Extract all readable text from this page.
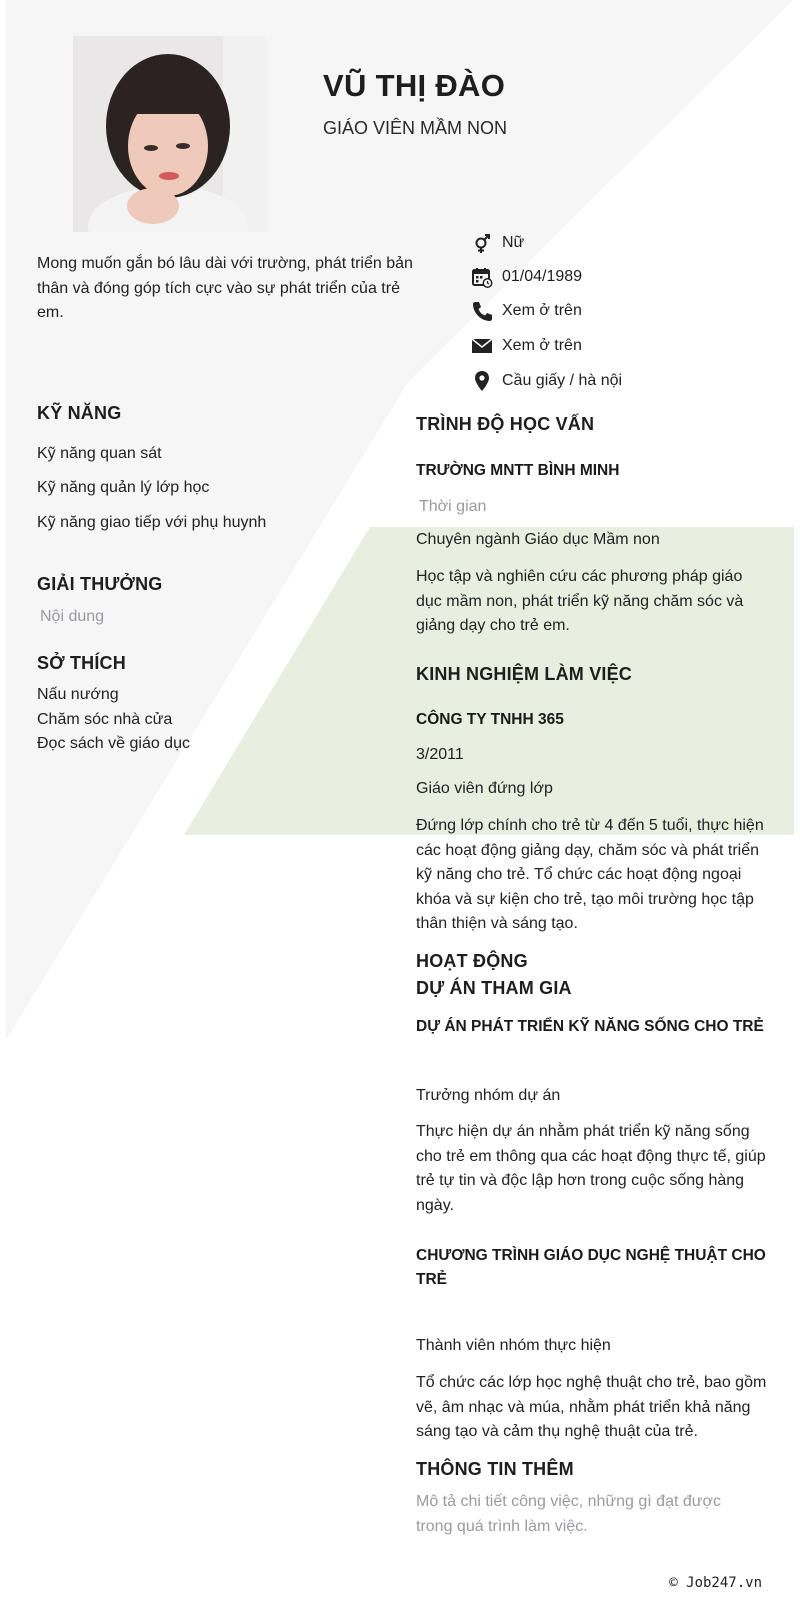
VŨ THỊ ĐÀO
GIÁO VIÊN MẦM NON
Mong muốn gắn bó lâu dài với trường, phát triển bản thân và đóng góp tích cực vào sự phát triển của trẻ em.
Nữ
01/04/1989
Xem ở trên
Xem ở trên
Cầu giấy / hà nội
KỸ NĂNG
Kỹ năng quan sát
Kỹ năng quản lý lớp học
Kỹ năng giao tiếp với phụ huynh
GIẢI THƯỞNG
Nội dung
SỞ THÍCH
Nấu nướng
Chăm sóc nhà cửa
Đọc sách về giáo dục
TRÌNH ĐỘ HỌC VẤN
TRƯỜNG MNTT BÌNH MINH
Thời gian
Chuyên ngành Giáo dục Mầm non
Học tập và nghiên cứu các phương pháp giáo dục mầm non, phát triển kỹ năng chăm sóc và giảng dạy cho trẻ em.
KINH NGHIỆM LÀM VIỆC
CÔNG TY TNHH 365
3/2011
Giáo viên đứng lớp
Đứng lớp chính cho trẻ từ 4 đến 5 tuổi, thực hiện các hoạt động giảng dạy, chăm sóc và phát triển kỹ năng cho trẻ. Tổ chức các hoạt động ngoại khóa và sự kiện cho trẻ, tạo môi trường học tập thân thiện và sáng tạo.
HOẠT ĐỘNG
DỰ ÁN THAM GIA
DỰ ÁN PHÁT TRIỂN KỸ NĂNG SỐNG CHO TRẺ
Trưởng nhóm dự án
Thực hiện dự án nhằm phát triển kỹ năng sống cho trẻ em thông qua các hoạt động thực tế, giúp trẻ tự tin và độc lập hơn trong cuộc sống hàng ngày.
CHƯƠNG TRÌNH GIÁO DỤC NGHỆ THUẬT CHO TRẺ
Thành viên nhóm thực hiện
Tổ chức các lớp học nghệ thuật cho trẻ, bao gồm vẽ, âm nhạc và múa, nhằm phát triển khả năng sáng tạo và cảm thụ nghệ thuật của trẻ.
THÔNG TIN THÊM
Mô tả chi tiết công việc, những gì đạt được trong quá trình làm việc.
© Job247.vn
